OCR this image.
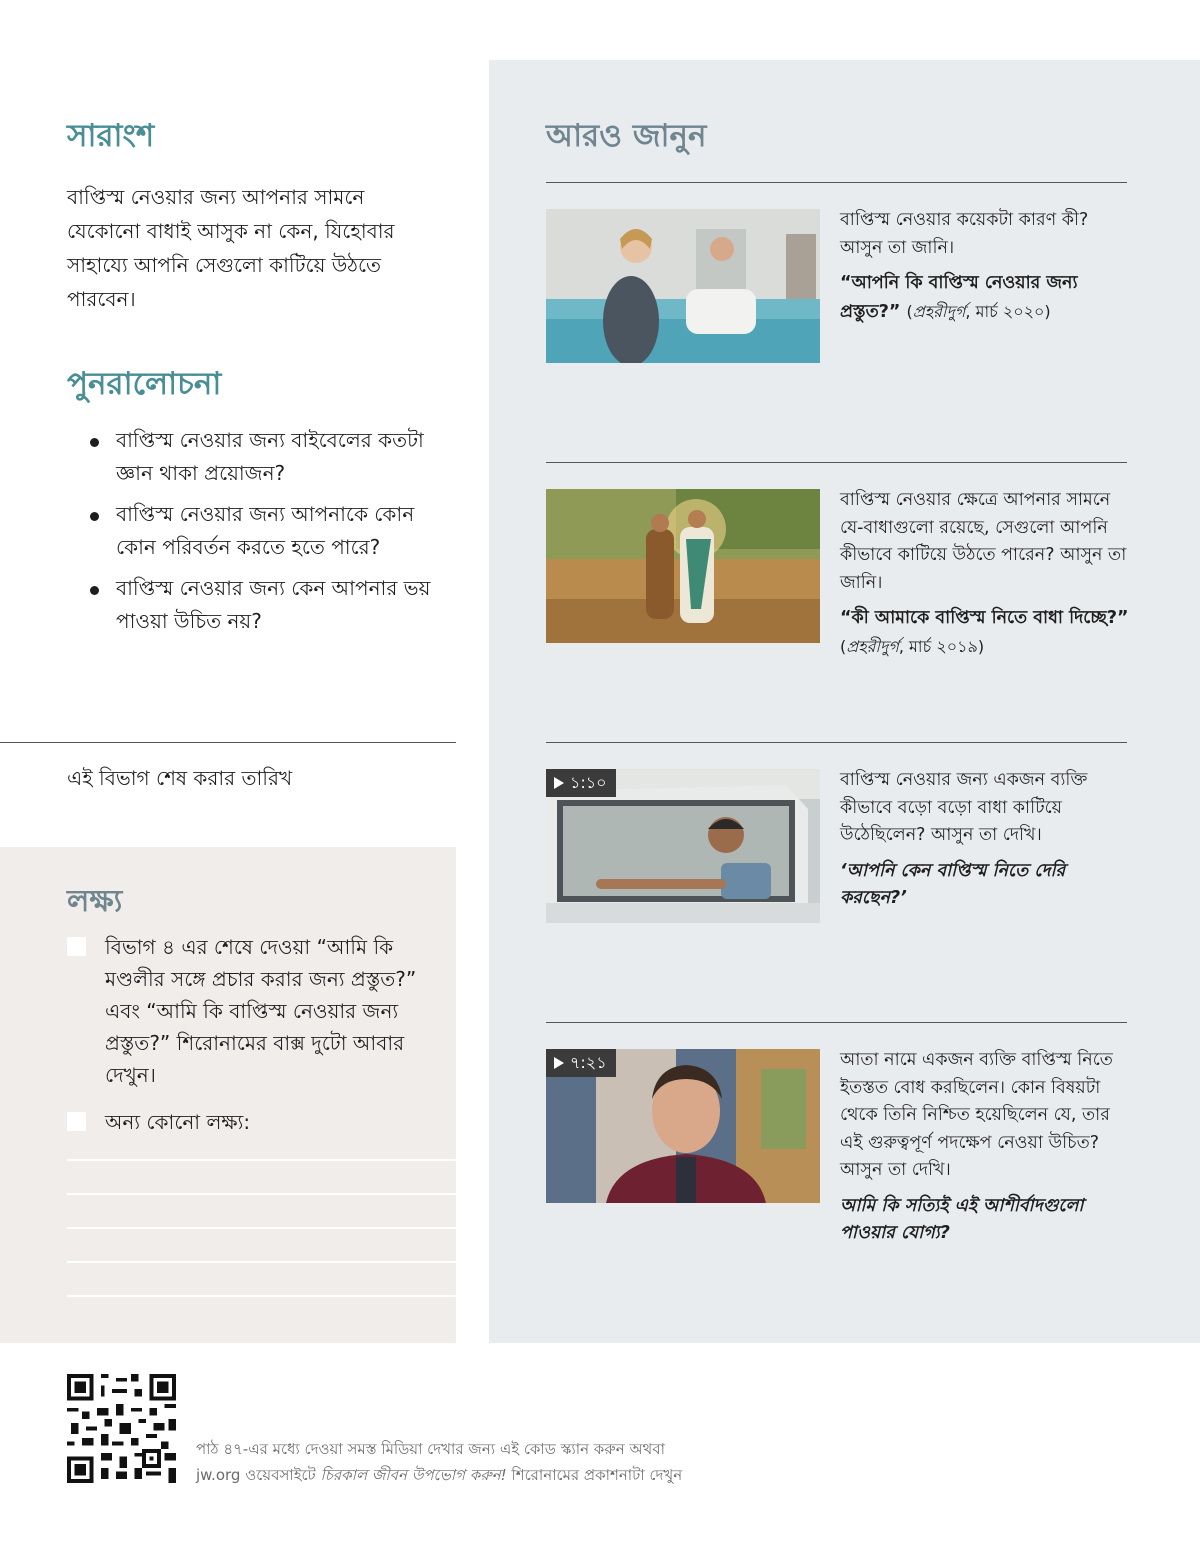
সারাংশ

বাপ্তিস্ম নেওয়ার জন্য আপনার সামনে যেকোনো বাধাই আসুক না কেন, যিহোবার সাহায্যে আপনি সেগুলো কাটিয়ে উঠতে পারবেন।

পুনরালোচনা
বাপ্তিস্ম নেওয়ার জন্য বাইবেলের কতটা জ্ঞান থাকা প্রয়োজন?
বাপ্তিস্ম নেওয়ার জন্য আপনাকে কোন কোন পরিবর্তন করতে হতে পারে?
বাপ্তিস্ম নেওয়ার জন্য কেন আপনার ভয় পাওয়া উচিত নয়?
এই বিভাগ শেষ করার তারিখ
লক্ষ্য
বিভাগ ৪ এর শেষে দেওয়া “আমি কি মণ্ডলীর সঙ্গে প্রচার করার জন্য প্রস্তুত?” এবং “আমি কি বাপ্তিস্ম নেওয়ার জন্য প্রস্তুত?” শিরোনামের বাক্স দুটো আবার দেখুন।
অন্য কোনো লক্ষ্য:
আরও জানুন

বাপ্তিস্ম নেওয়ার কয়েকটা কারণ কী? আসুন তা জানি।

“আপনি কি বাপ্তিস্ম নেওয়ার জন্য প্রস্তুত?” (প্রহরীদুর্গ, মার্চ ২০২০)

বাপ্তিস্ম নেওয়ার ক্ষেত্রে আপনার সামনে যে-বাধাগুলো রয়েছে, সেগুলো আপনি কীভাবে কাটিয়ে উঠতে পারেন? আসুন তা জানি।

“কী আমাকে বাপ্তিস্ম নিতে বাধা দিচ্ছে?” (প্রহরীদুর্গ, মার্চ ২০১৯)

১:১০	বাপ্তিস্ম নেওয়ার জন্য একজন ব্যক্তি কীভাবে বড়ো বড়ো বাধা কাটিয়ে উঠেছিলেন? আসুন তা দেখি।

‘আপনি কেন বাপ্তিস্ম নিতে দেরি করছেন?’

৭:২১	আতা নামে একজন ব্যক্তি বাপ্তিস্ম নিতে ইতস্তত বোধ করছিলেন। কোন বিষয়টা থেকে তিনি নিশ্চিত হয়েছিলেন যে, তার এই গুরুত্বপূর্ণ পদক্ষেপ নেওয়া উচিত? আসুন তা দেখি।

আমি কি সত্যিই এই আশীর্বাদগুলো পাওয়ার যোগ্য?

পাঠ ৪৭-এর মধ্যে দেওয়া সমস্ত মিডিয়া দেখার জন্য এই কোড স্ক্যান করুন অথবা
jw.org ওয়েবসাইটে চিরকাল জীবন উপভোগ করুন! শিরোনামের প্রকাশনাটা দেখুন
